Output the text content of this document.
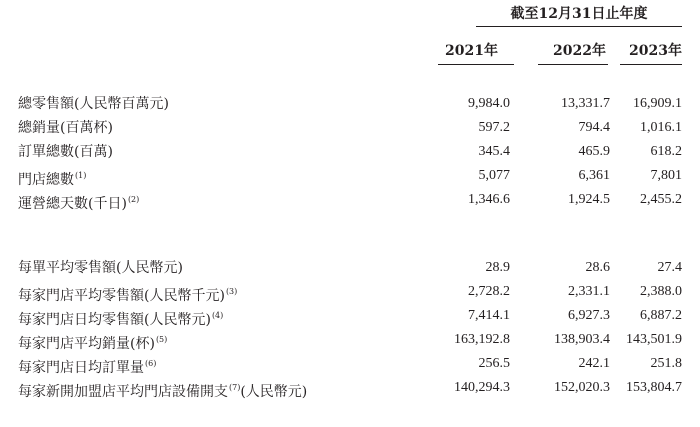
截至12月31日止年度
2021年	2022年	2023年
總零售額(人民幣百萬元)	9,984.0	13,331.7	16,909.1
總銷量(百萬杯)	597.2	794.4	1,016.1
訂單總數(百萬)	345.4	465.9	618.2
門店總數$^{(1)}$	5,077	6,361	7,801
運營總天數(千日)$^{(2)}$	1,346.6	1,924.5	2,455.2
每單平均零售額(人民幣元)	28.9	28.6	27.4
每家門店平均零售額(人民幣千元)$^{(3)}$	2,728.2	2,331.1	2,388.0
每家門店日均零售額(人民幣元)$^{(4)}$	7,414.1	6,927.3	6,887.2
每家門店平均銷量(杯)$^{(5)}$	163,192.8	138,903.4	143,501.9
每家門店日均訂單量$^{(6)}$	256.5	242.1	251.8
每家新開加盟店平均門店設備開支$^{(7)}$(人民幣元)	140,294.3	152,020.3	153,804.7
